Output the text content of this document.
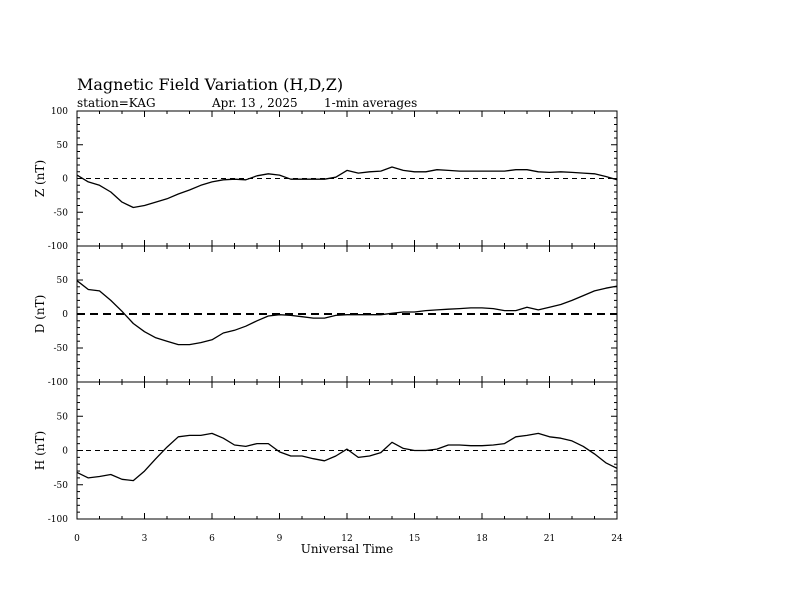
Magnetic Field Variation (H,D,Z)
station=KAG	Apr. 13 , 2025 1-min averages
100
50
0
-50
-100
Z (nT)
50
0
-50
-100
D (nT)
50
0
-50
-100
H (nT)
0	3	6	9	12	15	18	21	24
Universal Time
